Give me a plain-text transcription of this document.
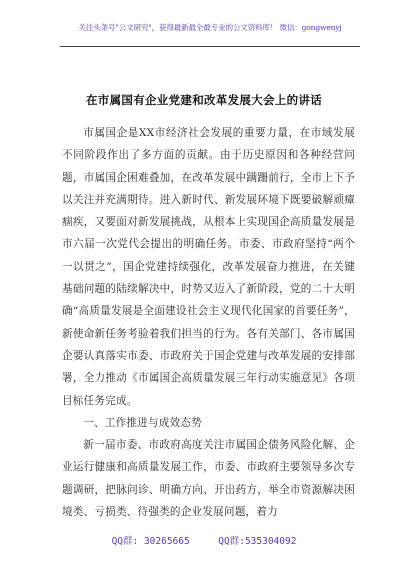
关注头条号"公文研究"，获得最新最全最专业的公文资料库！ 微信：gongwenyj
在市属国有企业党建和改革发展大会上的讲话

市属国企是XX市经济社会发展的重要力量，在市域发展不同阶段作出了多方面的贡献。由于历史原因和各种经营问题，市属国企困难叠加，在改革发展中蹒跚前行，全市上下予以关注并充满期待。进入新时代、新发展环境下既要破解顽瘴痼疾，又要面对新发展挑战，从根本上实现国企高质量发展是市六届一次党代会提出的明确任务。市委、市政府坚持“两个一以贯之”，国企党建持续强化，改革发展奋力推进，在关键基础问题的陆续解决中，时势又迈入了新阶段，党的二十大明确“高质量发展是全面建设社会主义现代化国家的首要任务”，新使命新任务考验着我们担当的行为。各有关部门、各市属国企要认真落实市委、市政府关于国企党建与改革发展的安排部署，全力推动《市属国企高质量发展三年行动实施意见》各项目标任务完成。

一、工作推进与成效态势

新一届市委、市政府高度关注市属国企债务风险化解、企业运行健康和高质量发展工作，市委、市政府主要领导多次专题调研，把脉问诊、明确方向、开出药方，举全市资源解决困境类、亏损类、待强类的企业发展问题，着力

QQ群: 30265665     QQ群:535304092
